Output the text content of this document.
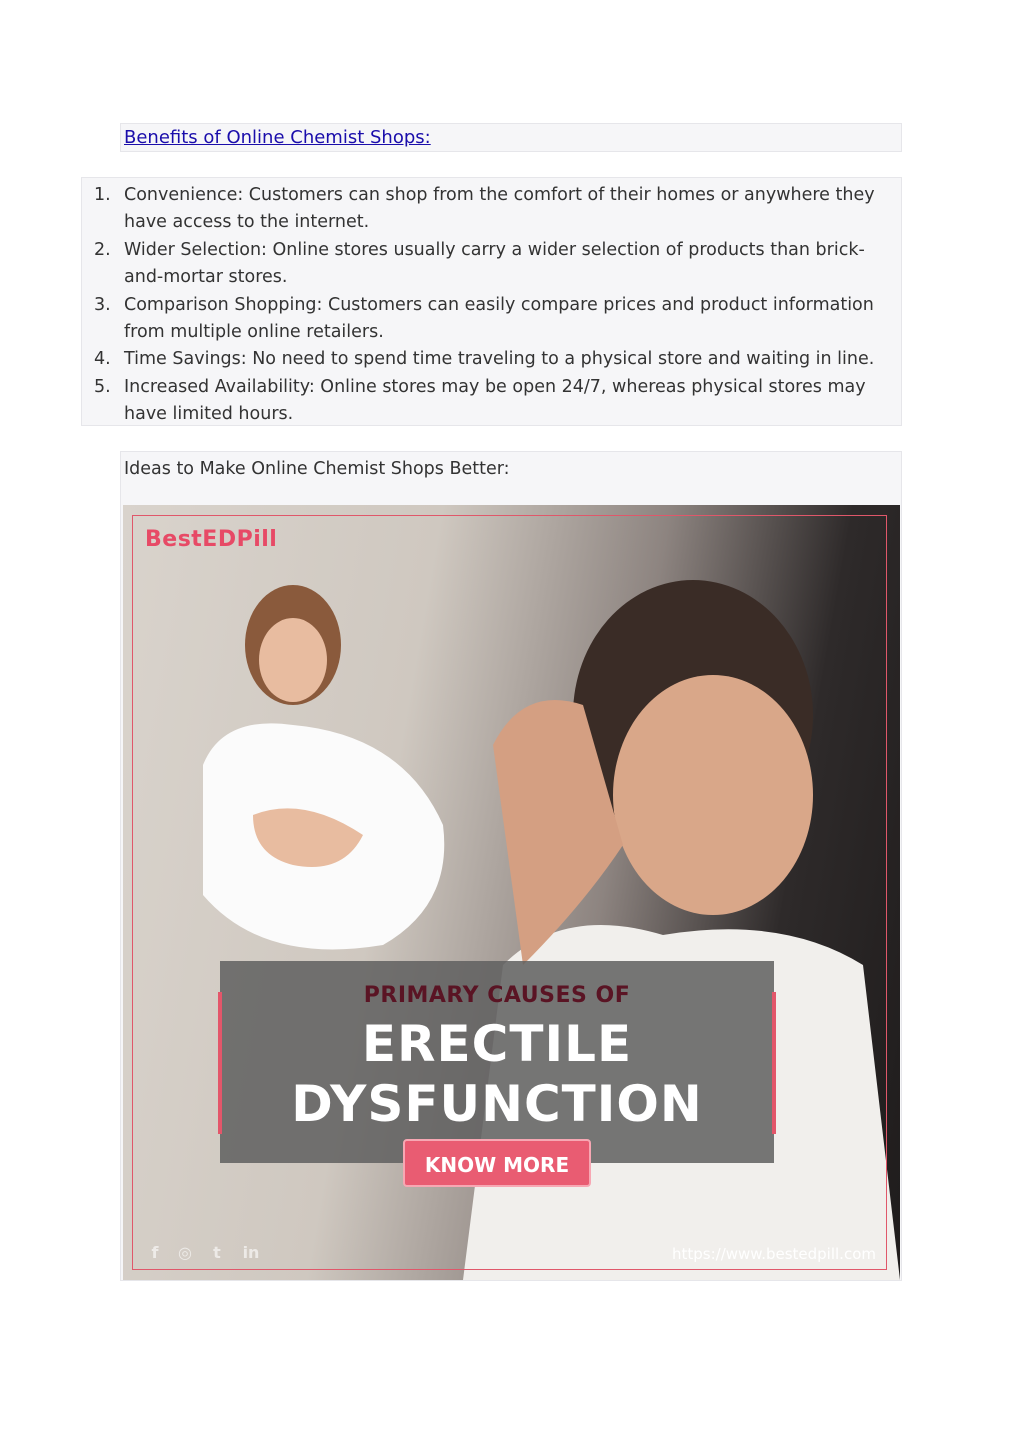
Benefits of Online Chemist Shops:
1. Convenience: Customers can shop from the comfort of their homes or anywhere they have access to the internet.
2. Wider Selection: Online stores usually carry a wider selection of products than brick-and-mortar stores.
3. Comparison Shopping: Customers can easily compare prices and product information from multiple online retailers.
4. Time Savings: No need to spend time traveling to a physical store and waiting in line.
5. Increased Availability: Online stores may be open 24/7, whereas physical stores may have limited hours.
Ideas to Make Online Chemist Shops Better:
BestEDPill
PRIMARY CAUSES OF
ERECTILE
DYSFUNCTION
KNOW MORE
f	◎	t	in	https://www.bestedpill.com
